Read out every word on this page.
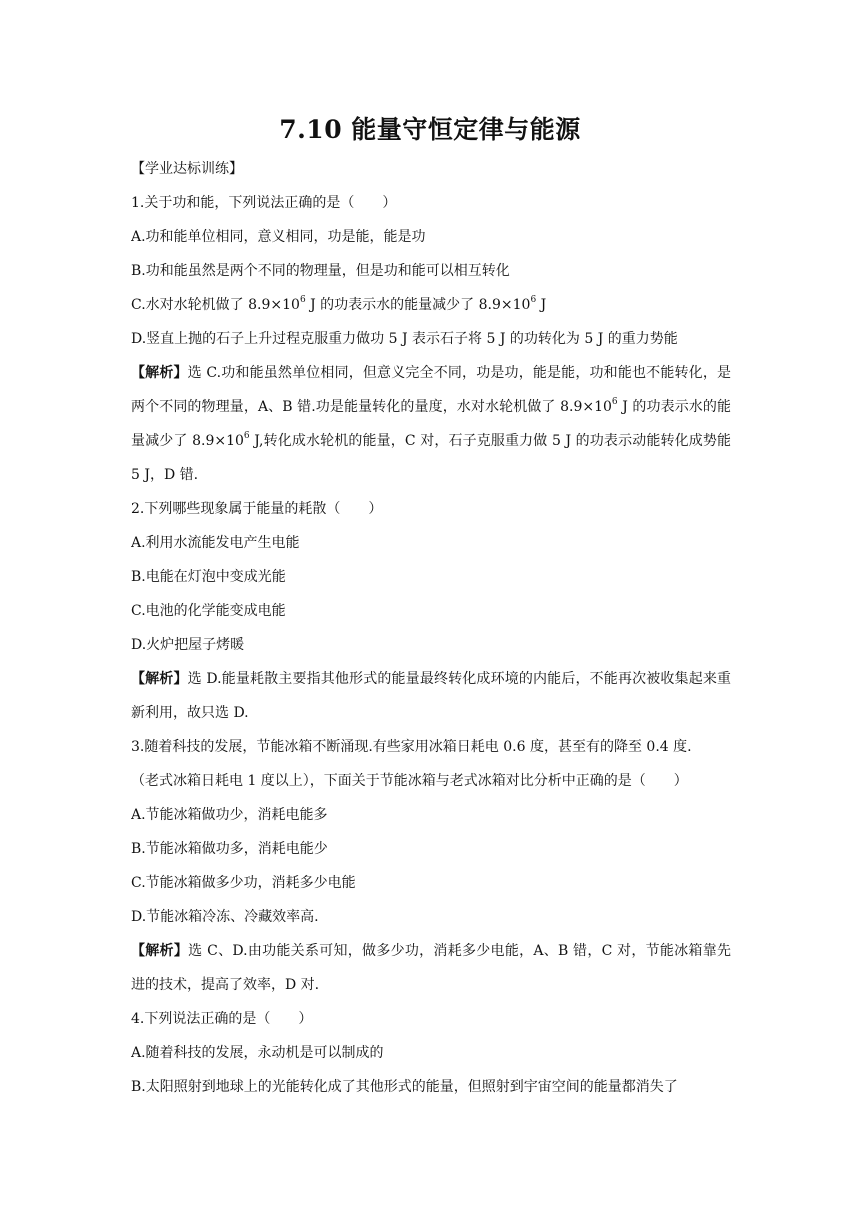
7.10 能量守恒定律与能源
【学业达标训练】
1.关于功和能，下列说法正确的是（　　）
A.功和能单位相同，意义相同，功是能，能是功
B.功和能虽然是两个不同的物理量，但是功和能可以相互转化
C.水对水轮机做了 $8.9\times 10^6$ J 的功表示水的能量减少了 $8.9\times 10^6$ J
D.竖直上抛的石子上升过程克服重力做功 5 J 表示石子将 5 J 的功转化为 5 J 的重力势能
【解析】选 C.功和能虽然单位相同，但意义完全不同，功是功，能是能，功和能也不能转化，是两个不同的物理量，A、B 错.功是能量转化的量度，水对水轮机做了 $8.9\times 10^6$ J 的功表示水的能量减少了 $8.9\times 10^6$ J,转化成水轮机的能量，C 对，石子克服重力做 5 J 的功表示动能转化成势能 5 J，D 错.
2.下列哪些现象属于能量的耗散（　　）
A.利用水流能发电产生电能
B.电能在灯泡中变成光能
C.电池的化学能变成电能
D.火炉把屋子烤暖
【解析】选 D.能量耗散主要指其他形式的能量最终转化成环境的内能后，不能再次被收集起来重新利用，故只选 D.
3.随着科技的发展，节能冰箱不断涌现.有些家用冰箱日耗电 0.6 度，甚至有的降至 0.4 度.
（老式冰箱日耗电 1 度以上），下面关于节能冰箱与老式冰箱对比分析中正确的是（　　）
A.节能冰箱做功少，消耗电能多
B.节能冰箱做功多，消耗电能少
C.节能冰箱做多少功，消耗多少电能
D.节能冰箱冷冻、冷藏效率高.
【解析】选 C、D.由功能关系可知，做多少功，消耗多少电能，A、B 错，C 对，节能冰箱靠先进的技术，提高了效率，D 对.
4.下列说法正确的是（　　）
A.随着科技的发展，永动机是可以制成的
B.太阳照射到地球上的光能转化成了其他形式的能量，但照射到宇宙空间的能量都消失了
